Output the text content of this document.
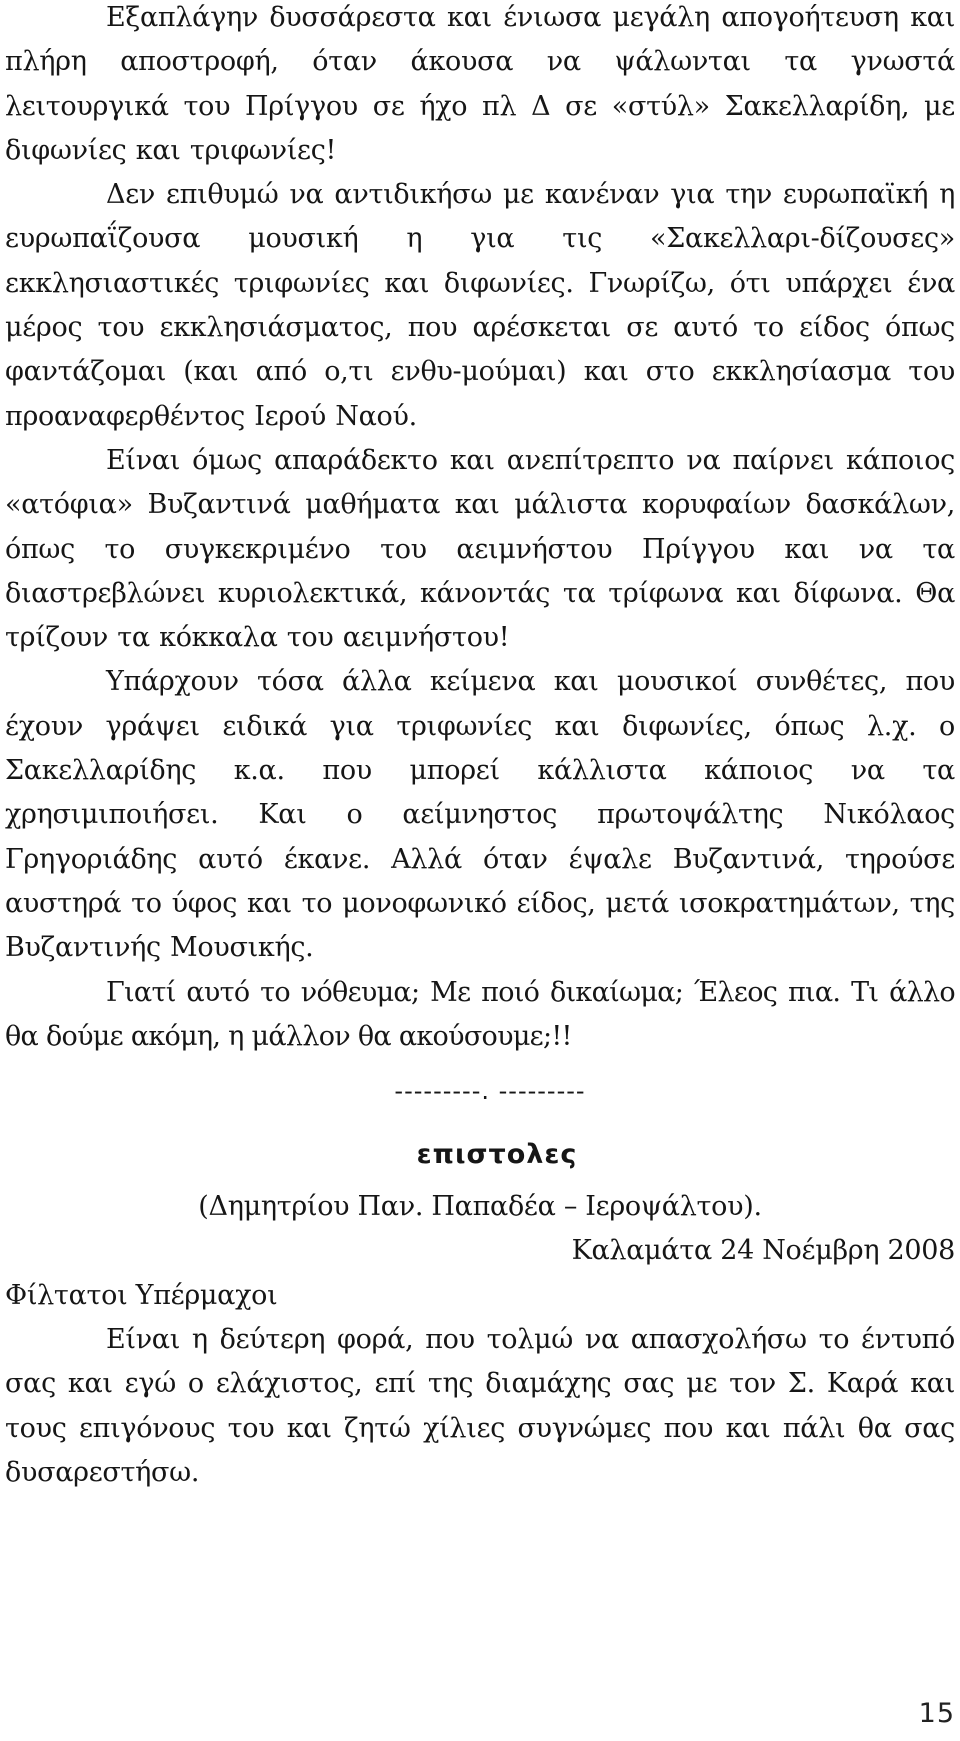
Εξαπλάγην δυσσάρεστα και ένιωσα μεγάλη απογοήτευση και πλήρη αποστροφή, όταν άκουσα να ψάλωνται τα γνωστά λειτουργικά του Πρίγγου σε ήχο πλ Δ σε «στύλ» Σακελλαρίδη, με διφωνίες και τριφωνίες!

Δεν επιθυμώ να αντιδικήσω με κανέναν για την ευρωπαϊκή η ευρωπαΐζουσα μουσική η για τις «Σακελλαρι-δίζουσες» εκκλησιαστικές τριφωνίες και διφωνίες. Γνωρίζω, ότι υπάρχει ένα μέρος του εκκλησιάσματος, που αρέσκεται σε αυτό το είδος όπως φαντάζομαι (και από ο,τι ενθυ-μούμαι) και στο εκκλησίασμα του προαναφερθέντος Ιερού Ναού.

Είναι όμως απαράδεκτο και ανεπίτρεπτο να παίρνει κάποιος «ατόφια» Βυζαντινά μαθήματα και μάλιστα κορυφαίων δασκάλων, όπως το συγκεκριμένο του αειμνήστου Πρίγγου και να τα διαστρεβλώνει κυριολεκτικά, κάνοντάς τα τρίφωνα και δίφωνα. Θα τρίζουν τα κόκκαλα του αειμνήστου!

Υπάρχουν τόσα άλλα κείμενα και μουσικοί συνθέτες, που έχουν γράψει ειδικά για τριφωνίες και διφωνίες, όπως λ.χ. ο Σακελλαρίδης κ.α. που μπορεί κάλλιστα κάποιος να τα χρησιμιποιήσει. Και ο αείμνηστος πρωτοψάλτης Νικόλαος Γρηγοριάδης αυτό έκανε. Αλλά όταν έψαλε Βυζαντινά, τηρούσε αυστηρά το ύφος και το μονοφωνικό είδος, μετά ισοκρατημάτων, της Βυζαντινής Μουσικής.

Γιατί αυτό το νόθευμα; Με ποιό δικαίωμα; Έλεος πια. Τι άλλο θα δούμε ακόμη, η μάλλον θα ακούσουμε;!!

---------. ---------
επιστολες

(Δημητρίου Παν. Παπαδέα – Ιεροψάλτου).

Καλαμάτα 24 Νοέμβρη 2008

Φίλτατοι Υπέρμαχοι

Είναι η δεύτερη φορά, που τολμώ να απασχολήσω το έντυπό σας και εγώ ο ελάχιστος, επί της διαμάχης σας με τον Σ. Καρά και τους επιγόνους του και ζητώ χίλιες συγνώμες που και πάλι θα σας δυσαρεστήσω.

15
